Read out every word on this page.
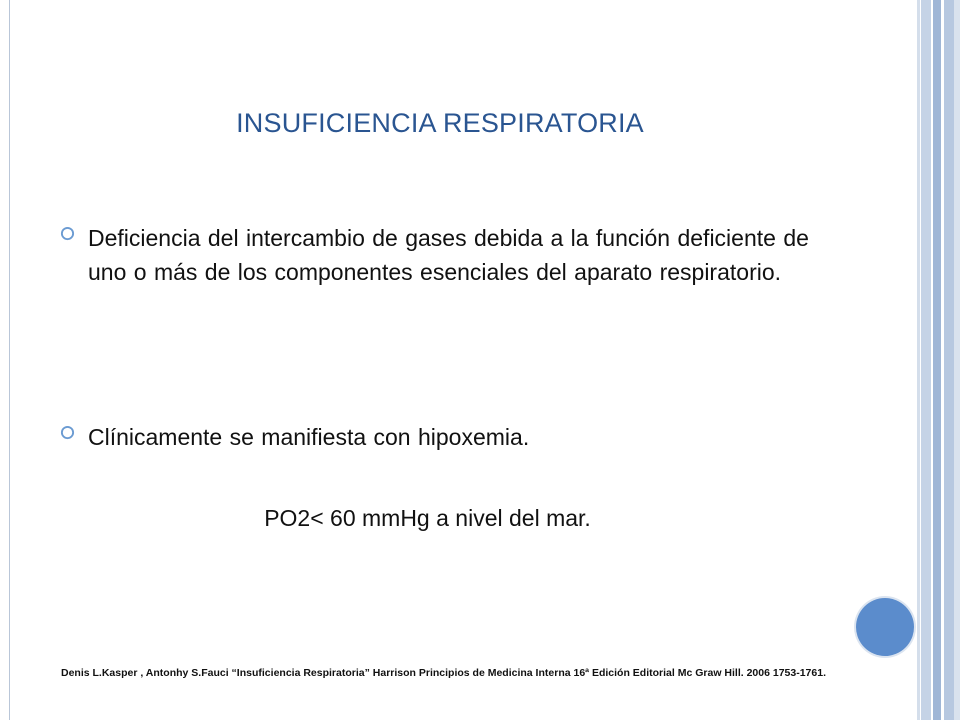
INSUFICIENCIA RESPIRATORIA
Deficiencia del intercambio de gases debida a la función deficiente de uno o más de los componentes esenciales del aparato respiratorio.
Clínicamente se manifiesta con hipoxemia.
PO2< 60 mmHg a nivel del mar.
Denis L.Kasper , Antonhy S.Fauci “Insuficiencia Respiratoria” Harrison Principios de Medicina Interna 16ª Edición Editorial Mc Graw Hill. 2006 1753-1761.
